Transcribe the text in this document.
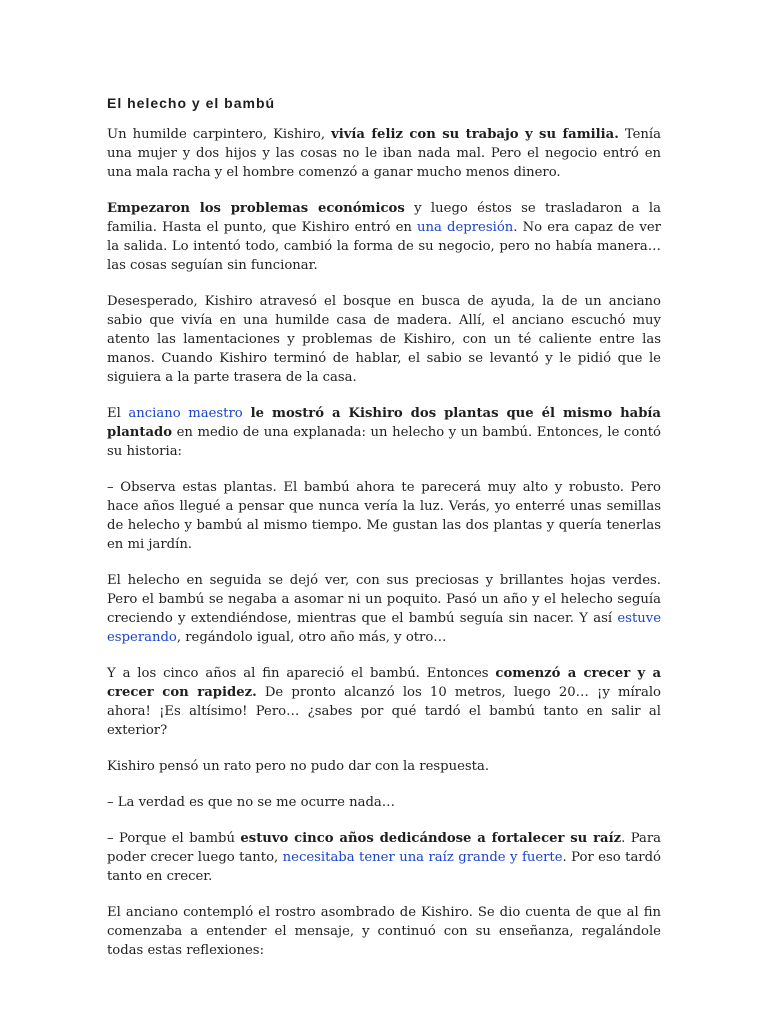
El helecho y el bambú

Un humilde carpintero, Kishiro, vivía feliz con su trabajo y su familia. Tenía una mujer y dos hijos y las cosas no le iban nada mal. Pero el negocio entró en una mala racha y el hombre comenzó a ganar mucho menos dinero.

Empezaron los problemas económicos y luego éstos se trasladaron a la familia. Hasta el punto, que Kishiro entró en una depresión. No era capaz de ver la salida. Lo intentó todo, cambió la forma de su negocio, pero no había manera… las cosas seguían sin funcionar.

Desesperado, Kishiro atravesó el bosque en busca de ayuda, la de un anciano sabio que vivía en una humilde casa de madera. Allí, el anciano escuchó muy atento las lamentaciones y problemas de Kishiro, con un té caliente entre las manos. Cuando Kishiro terminó de hablar, el sabio se levantó y le pidió que le siguiera a la parte trasera de la casa.

El anciano maestro le mostró a Kishiro dos plantas que él mismo había plantado en medio de una explanada: un helecho y un bambú. Entonces, le contó su historia:

– Observa estas plantas. El bambú ahora te parecerá muy alto y robusto. Pero hace años llegué a pensar que nunca vería la luz. Verás, yo enterré unas semillas de helecho y bambú al mismo tiempo. Me gustan las dos plantas y quería tenerlas en mi jardín.

El helecho en seguida se dejó ver, con sus preciosas y brillantes hojas verdes. Pero el bambú se negaba a asomar ni un poquito. Pasó un año y el helecho seguía creciendo y extendiéndose, mientras que el bambú seguía sin nacer. Y así estuve esperando, regándolo igual, otro año más, y otro…

Y a los cinco años al fin apareció el bambú. Entonces comenzó a crecer y a crecer con rapidez. De pronto alcanzó los 10 metros, luego 20… ¡y míralo ahora! ¡Es altísimo! Pero… ¿sabes por qué tardó el bambú tanto en salir al exterior?

Kishiro pensó un rato pero no pudo dar con la respuesta.

– La verdad es que no se me ocurre nada…

– Porque el bambú estuvo cinco años dedicándose a fortalecer su raíz. Para poder crecer luego tanto, necesitaba tener una raíz grande y fuerte. Por eso tardó tanto en crecer.

El anciano contempló el rostro asombrado de Kishiro. Se dio cuenta de que al fin comenzaba a entender el mensaje, y continuó con su enseñanza, regalándole todas estas reflexiones:
